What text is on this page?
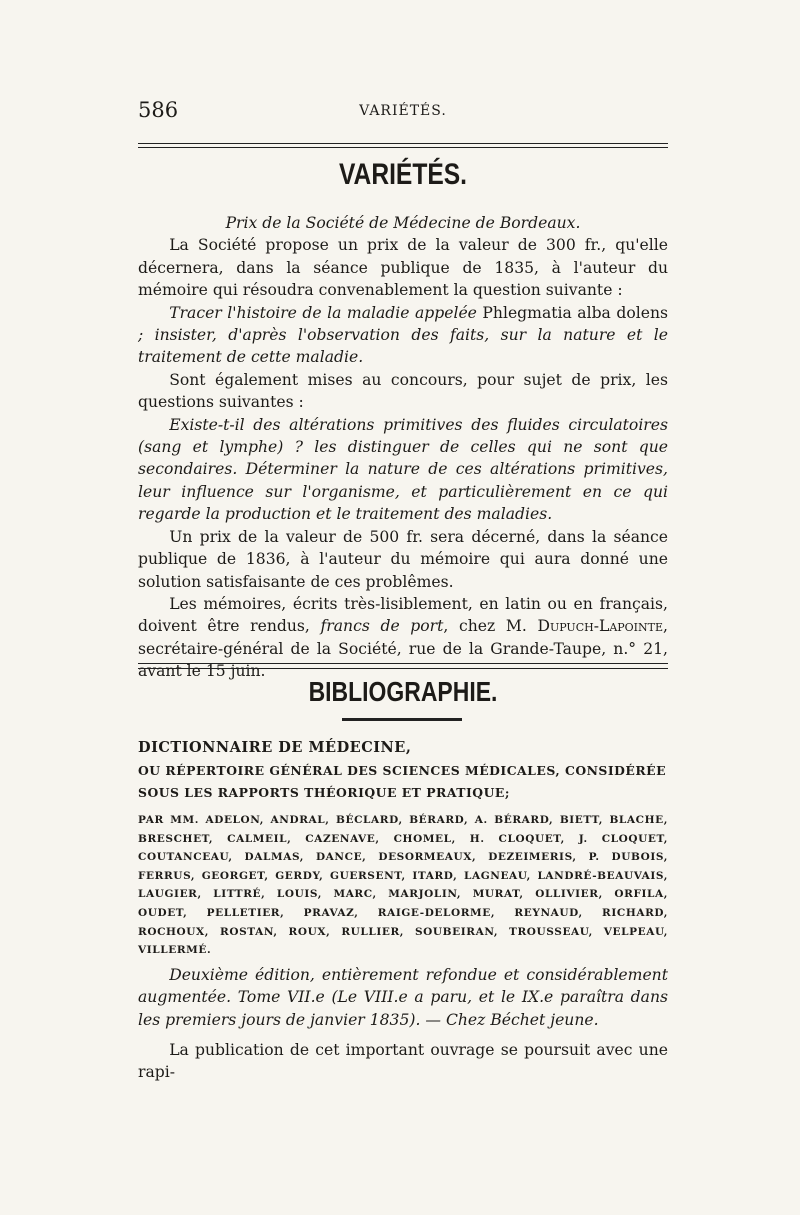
586	VARIÉTÉS.
VARIÉTÉS.

Prix de la Société de Médecine de Bordeaux.

La Société propose un prix de la valeur de 300 fr., qu'elle décernera, dans la séance publique de 1835, à l'auteur du mémoire qui résoudra convenablement la question suivante :

Tracer l'histoire de la maladie appelée Phlegmatia alba dolens ; insister, d'après l'observation des faits, sur la nature et le traitement de cette maladie.

Sont également mises au concours, pour sujet de prix, les questions suivantes :

Existe-t-il des altérations primitives des fluides circulatoires (sang et lymphe) ? les distinguer de celles qui ne sont que secondaires. Déterminer la nature de ces altérations primitives, leur influence sur l'organisme, et particulièrement en ce qui regarde la production et le traitement des maladies.

Un prix de la valeur de 500 fr. sera décerné, dans la séance publique de 1836, à l'auteur du mémoire qui aura donné une solution satisfaisante de ces problêmes.

Les mémoires, écrits très-lisiblement, en latin ou en français, doivent être rendus, francs de port, chez M. Dupuch-Lapointe, secrétaire-général de la Société, rue de la Grande-Taupe, n.° 21, avant le 15 juin.

BIBLIOGRAPHIE.

DICTIONNAIRE DE MÉDECINE,

OU RÉPERTOIRE GÉNÉRAL DES SCIENCES MÉDICALES, CONSIDÉRÉE

SOUS LES RAPPORTS THÉORIQUE ET PRATIQUE;

PAR MM. ADELON, ANDRAL, BÉCLARD, BÉRARD, A. BÉRARD, BIETT, BLACHE, BRESCHET, CALMEIL, CAZENAVE, CHOMEL, H. CLOQUET, J. CLOQUET, COUTANCEAU, DALMAS, DANCE, DESORMEAUX, DEZEIMERIS, P. DUBOIS, FERRUS, GEORGET, GERDY, GUERSENT, ITARD, LAGNEAU, LANDRÉ-BEAUVAIS, LAUGIER, LITTRÉ, LOUIS, MARC, MARJOLIN, MURAT, OLLIVIER, ORFILA, OUDET, PELLETIER, PRAVAZ, RAIGE-DELORME, REYNAUD, RICHARD, ROCHOUX, ROSTAN, ROUX, RULLIER, SOUBEIRAN, TROUSSEAU, VELPEAU, VILLERMÉ.

Deuxième édition, entièrement refondue et considérablement augmentée. Tome VII.e (Le VIII.e a paru, et le IX.e paraîtra dans les premiers jours de janvier 1835). — Chez Béchet jeune.

La publication de cet important ouvrage se poursuit avec une rapi-
